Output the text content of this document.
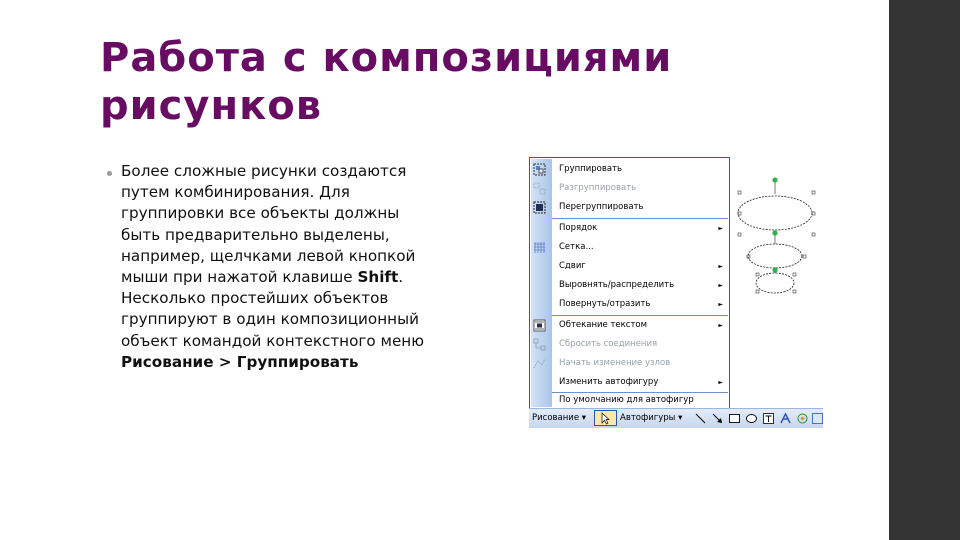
Работа с композициями рисунков
Более сложные рисунки создаются путем комбинирования. Для группировки все объекты должны быть предварительно выделены, например, щелчками левой кнопкой мыши при нажатой клавише Shift. Несколько простейших объектов группируют в один композиционный объект командой контекстного меню Рисование > Группировать
Группировать
Разгруппировать
Перегруппировать
Порядок	►
Сетка...
Сдвиг	►
Выровнять/распределить	►
Повернуть/отразить	►
Обтекание текстом	►
Сбросить соединения
Начать изменение узлов
Изменить автофигуру	►
По умолчанию для автофигур
Рисование ▾	Автофигуры ▾
